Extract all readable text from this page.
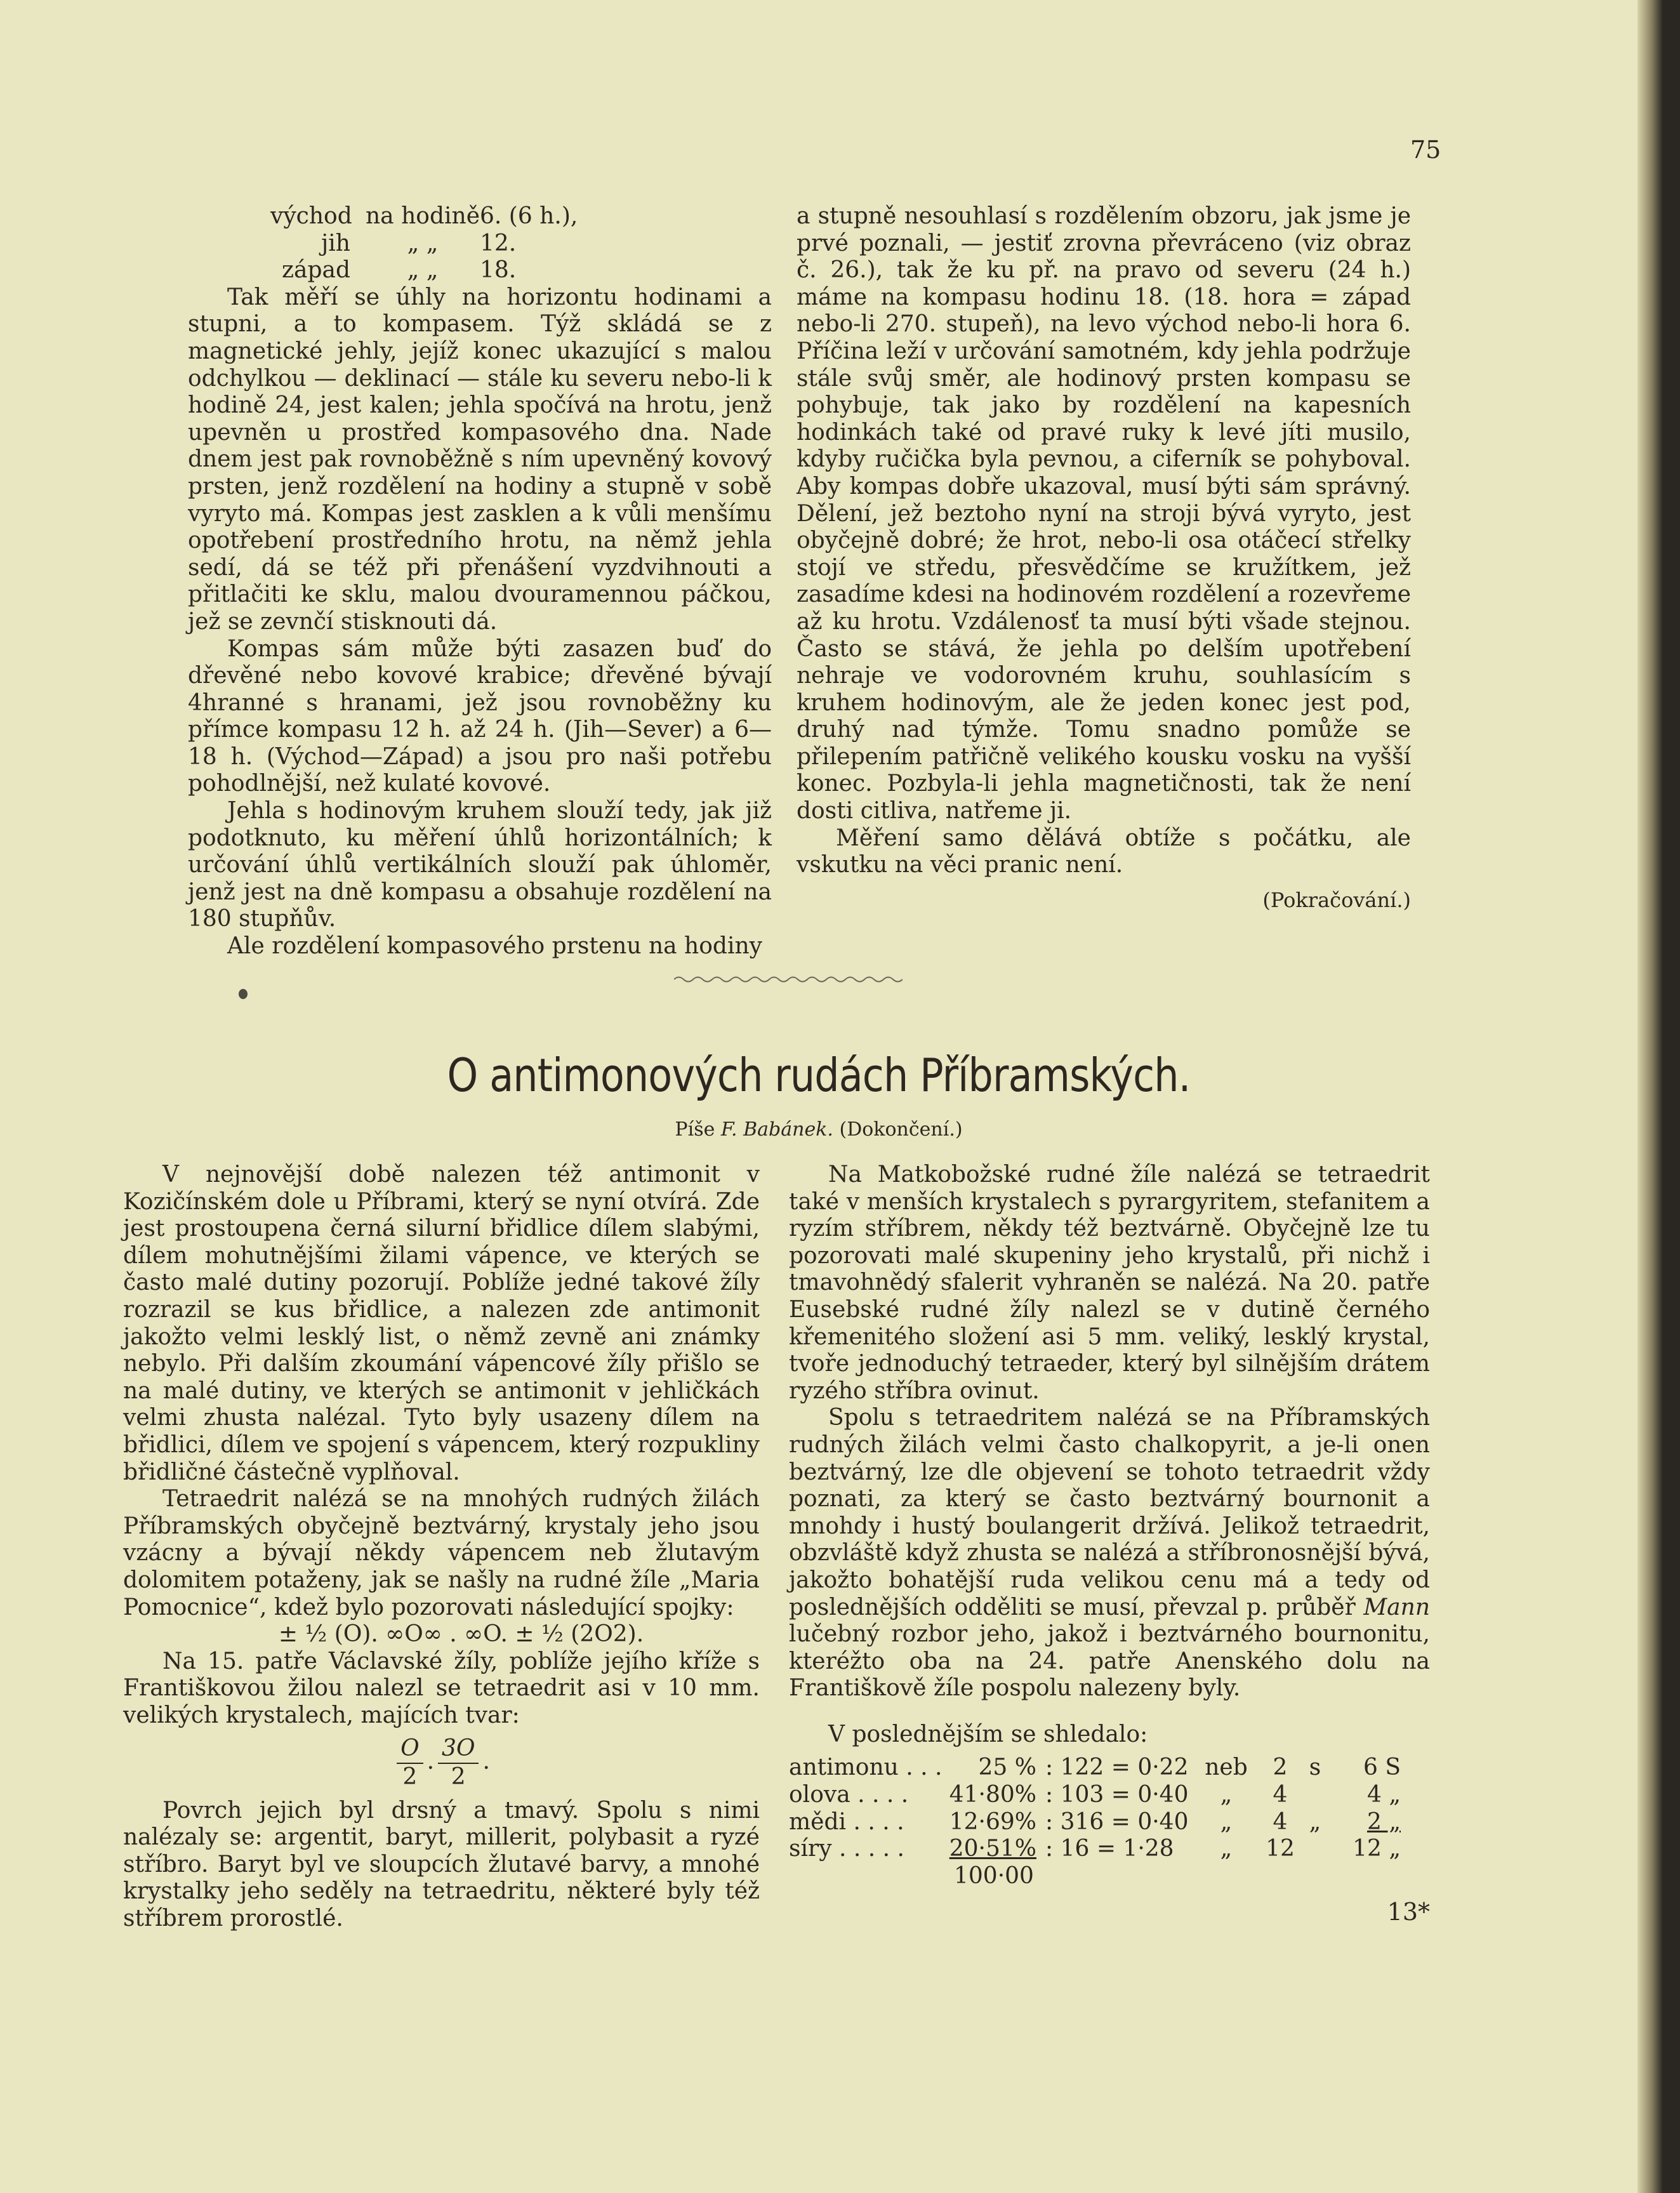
75
východ na hodině 6. (6 h.),
jih	„ „	12.
západ	„ „	18.

Tak měří se úhly na horizontu hodinami a stupni, a to kompasem. Týž skládá se z magnetické jehly, jejíž konec ukazující s malou odchylkou — deklinací — stále ku severu nebo-li k hodině 24, jest kalen; jehla spočívá na hrotu, jenž upevněn u prostřed kompasového dna. Nade dnem jest pak rovnoběžně s ním upevněný kovový prsten, jenž rozdělení na hodiny a stupně v sobě vyryto má. Kompas jest zasklen a k vůli menšímu opotřebení prostředního hrotu, na němž jehla sedí, dá se též při přenášení vyzdvihnouti a přitlačiti ke sklu, malou dvouramennou páčkou, jež se zevnčí stisknouti dá.

Kompas sám může býti zasazen buď do dřevěné nebo kovové krabice; dřevěné bývají 4hranné s hranami, jež jsou rovnoběžny ku přímce kompasu 12 h. až 24 h. (Jih—Sever) a 6—18 h. (Východ—Západ) a jsou pro naši potřebu pohodlnější, než kulaté kovové.

Jehla s hodinovým kruhem slouží tedy, jak již podotknuto, ku měření úhlů horizontálních; k určování úhlů vertikálních slouží pak úhloměr, jenž jest na dně kompasu a obsahuje rozdělení na 180 stupňův.

Ale rozdělení kompasového prstenu na hodiny

a stupně nesouhlasí s rozdělením obzoru, jak jsme je prvé poznali, — jestiť zrovna převráceno (viz obraz č. 26.), tak že ku př. na pravo od severu (24 h.) máme na kompasu hodinu 18. (18. hora = západ nebo-li 270. stupeň), na levo východ nebo-li hora 6. Příčina leží v určování samotném, kdy jehla podržuje stále svůj směr, ale hodinový prsten kompasu se pohybuje, tak jako by rozdělení na kapesních hodinkách také od pravé ruky k levé jíti musilo, kdyby ručička byla pevnou, a ciferník se pohyboval. Aby kompas dobře ukazoval, musí býti sám správný. Dělení, jež beztoho nyní na stroji bývá vyryto, jest obyčejně dobré; že hrot, nebo-li osa otáčecí střelky stojí ve středu, přesvědčíme se kružítkem, jež zasadíme kdesi na hodinovém rozdělení a rozevřeme až ku hrotu. Vzdálenosť ta musí býti všade stejnou. Často se stává, že jehla po delším upotřebení nehraje ve vodorovném kruhu, souhlasícím s kruhem hodinovým, ale že jeden konec jest pod, druhý nad týmže. Tomu snadno pomůže se přilepením patřičně velikého kousku vosku na vyšší konec. Pozbyla-li jehla magnetičnosti, tak že není dosti citliva, natřeme ji.

Měření samo dělává obtíže s počátku, ale vskutku na věci pranic není.

(Pokračování.)
O antimonových rudách Příbramských.
Píše F. Babánek. (Dokončení.)

V nejnovější době nalezen též antimonit v Kozičínském dole u Příbrami, který se nyní otvírá. Zde jest prostoupena černá silurní břidlice dílem slabými, dílem mohutnějšími žilami vápence, ve kterých se často malé dutiny pozorují. Poblíže jedné takové žíly rozrazil se kus břidlice, a nalezen zde antimonit jakožto velmi lesklý list, o němž zevně ani známky nebylo. Při dalším zkoumání vápencové žíly přišlo se na malé dutiny, ve kterých se antimonit v jehličkách velmi zhusta nalézal. Tyto byly usazeny dílem na břidlici, dílem ve spojení s vápencem, který rozpukliny břidličné částečně vyplňoval.

Tetraedrit nalézá se na mnohých rudných žilách Příbramských obyčejně beztvárný, krystaly jeho jsou vzácny a bývají někdy vápencem neb žlutavým dolomitem potaženy, jak se našly na rudné žíle „Maria Pomocnice“, kdež bylo pozorovati následující spojky:

± ½ (O). ∞O∞ . ∞O. ± ½ (2O2).

Na 15. patře Václavské žíly, poblíže jejího kříže s Františkovou žilou nalezl se tetraedrit asi v 10 mm. velikých krystalech, majících tvar:

$\frac{O}{2}$ . $\frac{3O}{2}$ .

Povrch jejich byl drsný a tmavý. Spolu s nimi nalézaly se: argentit, baryt, millerit, polybasit a ryzé stříbro. Baryt byl ve sloupcích žlutavé barvy, a mnohé krystalky jeho seděly na tetraedritu, některé byly též stříbrem prorostlé.

Na Matkobožské rudné žíle nalézá se tetraedrit také v menších krystalech s pyrargyritem, stefanitem a ryzím stříbrem, někdy též beztvárně. Obyčejně lze tu pozorovati malé skupeniny jeho krystalů, při nichž i tmavohnědý sfalerit vyhraněn se nalézá. Na 20. patře Eusebské rudné žíly nalezl se v dutině černého křemenitého složení asi 5 mm. veliký, lesklý krystal, tvoře jednoduchý tetraeder, který byl silnějším drátem ryzého stříbra ovinut.

Spolu s tetraedritem nalézá se na Příbramských rudných žilách velmi často chalkopyrit, a je-li onen beztvárný, lze dle objevení se tohoto tetraedrit vždy poznati, za který se často beztvárný bournonit a mnohdy i hustý boulangerit držívá. Jelikož tetraedrit, obzvláště když zhusta se nalézá a stříbronosnější bývá, jakožto bohatější ruda velikou cenu má a tedy od poslednějších odděliti se musí, převzal p. průběř Mann lučebný rozbor jeho, jakož i beztvárného bournonitu, kteréžto oba na 24. patře Anenského dolu na Františkově žíle pospolu nalezeny byly.

V poslednějším se shledalo:

antimonu . . .	25 % : 122 = 0·22 neb	2 s	6 S
olova . . . .	41·80% : 103 = 0·40	„	4	4 „
mědi . . . .	12·69% : 316 = 0·40	„	4 „	2 „
síry . . . . .	20·51% : 16 = 1·28	„	12	12 „
100·00
13*
